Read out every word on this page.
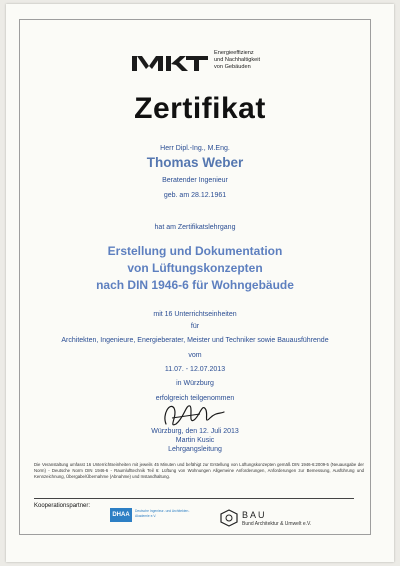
Energieeffizienz
und Nachhaltigkeit
von Gebäuden
Zertifikat
Herr Dipl.-Ing., M.Eng.
Thomas Weber
Beratender Ingenieur
geb. am 28.12.1961
hat am Zertifikatslehrgang
Erstellung und Dokumentation
von Lüftungskonzepten
nach DIN 1946-6 für Wohngebäude
mit 16 Unterrichtseinheiten
für
Architekten, Ingenieure, Energieberater, Meister und Techniker sowie Bauausführende
vom
11.07. - 12.07.2013
in Würzburg
erfolgreich teilgenommen
Würzburg, den 12. Juli 2013
Martin Kusic
Lehrgangsleitung
Die Veranstaltung umfasst 16 Unterrichtseinheiten mit jeweils 45 Minuten und befähigt zur Erstellung von Lüftungskonzepten gemäß DIN 1946-6:2009-5 (Neuausgabe der Norm) - Deutsche Norm DIN 1946-6 - Raumlufttechnik Teil 6: Lüftung von Wohnungen Allgemeine Anforderungen, Anforderungen zur Bemessung, Ausführung und Kennzeichnung, Übergabe/Übernahme (Abnahme) und Instandhaltung.
Kooperationspartner:
DHAA
Deutsche Ingenieur- und Architekten-Akademie e.V.	BAU
Bund Architektur & Umwelt e.V.
